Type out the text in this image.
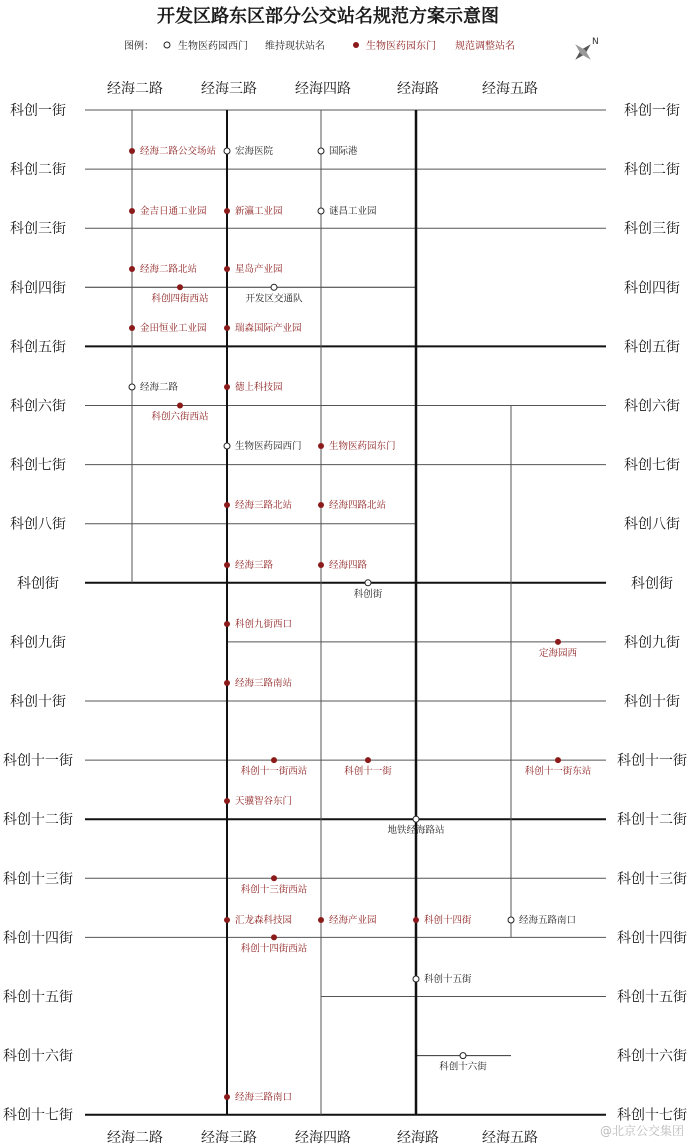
开发区路东区部分公交站名规范方案示意图
图例： 生物医药园西门 维持现状站名	生物医药园东门 规范调整站名	N
经海二路	经海三路	经海四路	经海路	经海五路
经海二路	经海三路	经海四路	经海路	经海五路
科创一街	科创一街
科创二街	科创二街
科创三街	科创三街
科创四街	科创四街
科创五街	科创五街
科创六街	科创六街
科创七街	科创七街
科创八街	科创八街
科创街	科创街
科创九街	科创九街
科创十街	科创十街
科创十一街	科创十一街
科创十二街	科创十二街
科创十三街	科创十三街
科创十四街	科创十四街
科创十五街	科创十五街
科创十六街	科创十六街
科创十七街	科创十七街
经海二路公交场站
金吉日通工业园
经海二路北站
金田恒业工业园
经海二路
科创四街西站
科创六街西站
宏海医院
新瀛工业园
星岛产业园
瑞森国际产业园
德上科技园
生物医药园西门
经海三路北站
经海三路
科创九街西口
经海三路南站
天骥智谷东门
汇龙森科技园
经海三路南口
开发区交通队
国际港
谜昌工业园
生物医药园东门
经海四路北站
经海四路
经海产业园
科创街
科创十一街西站	科创十一街
科创十三街西站
科创十四街西站
地铁经海路站
科创十四街
科创十五街
科创十六街
定海园西
科创十一街东站
经海五路南口
@北京公交集团
